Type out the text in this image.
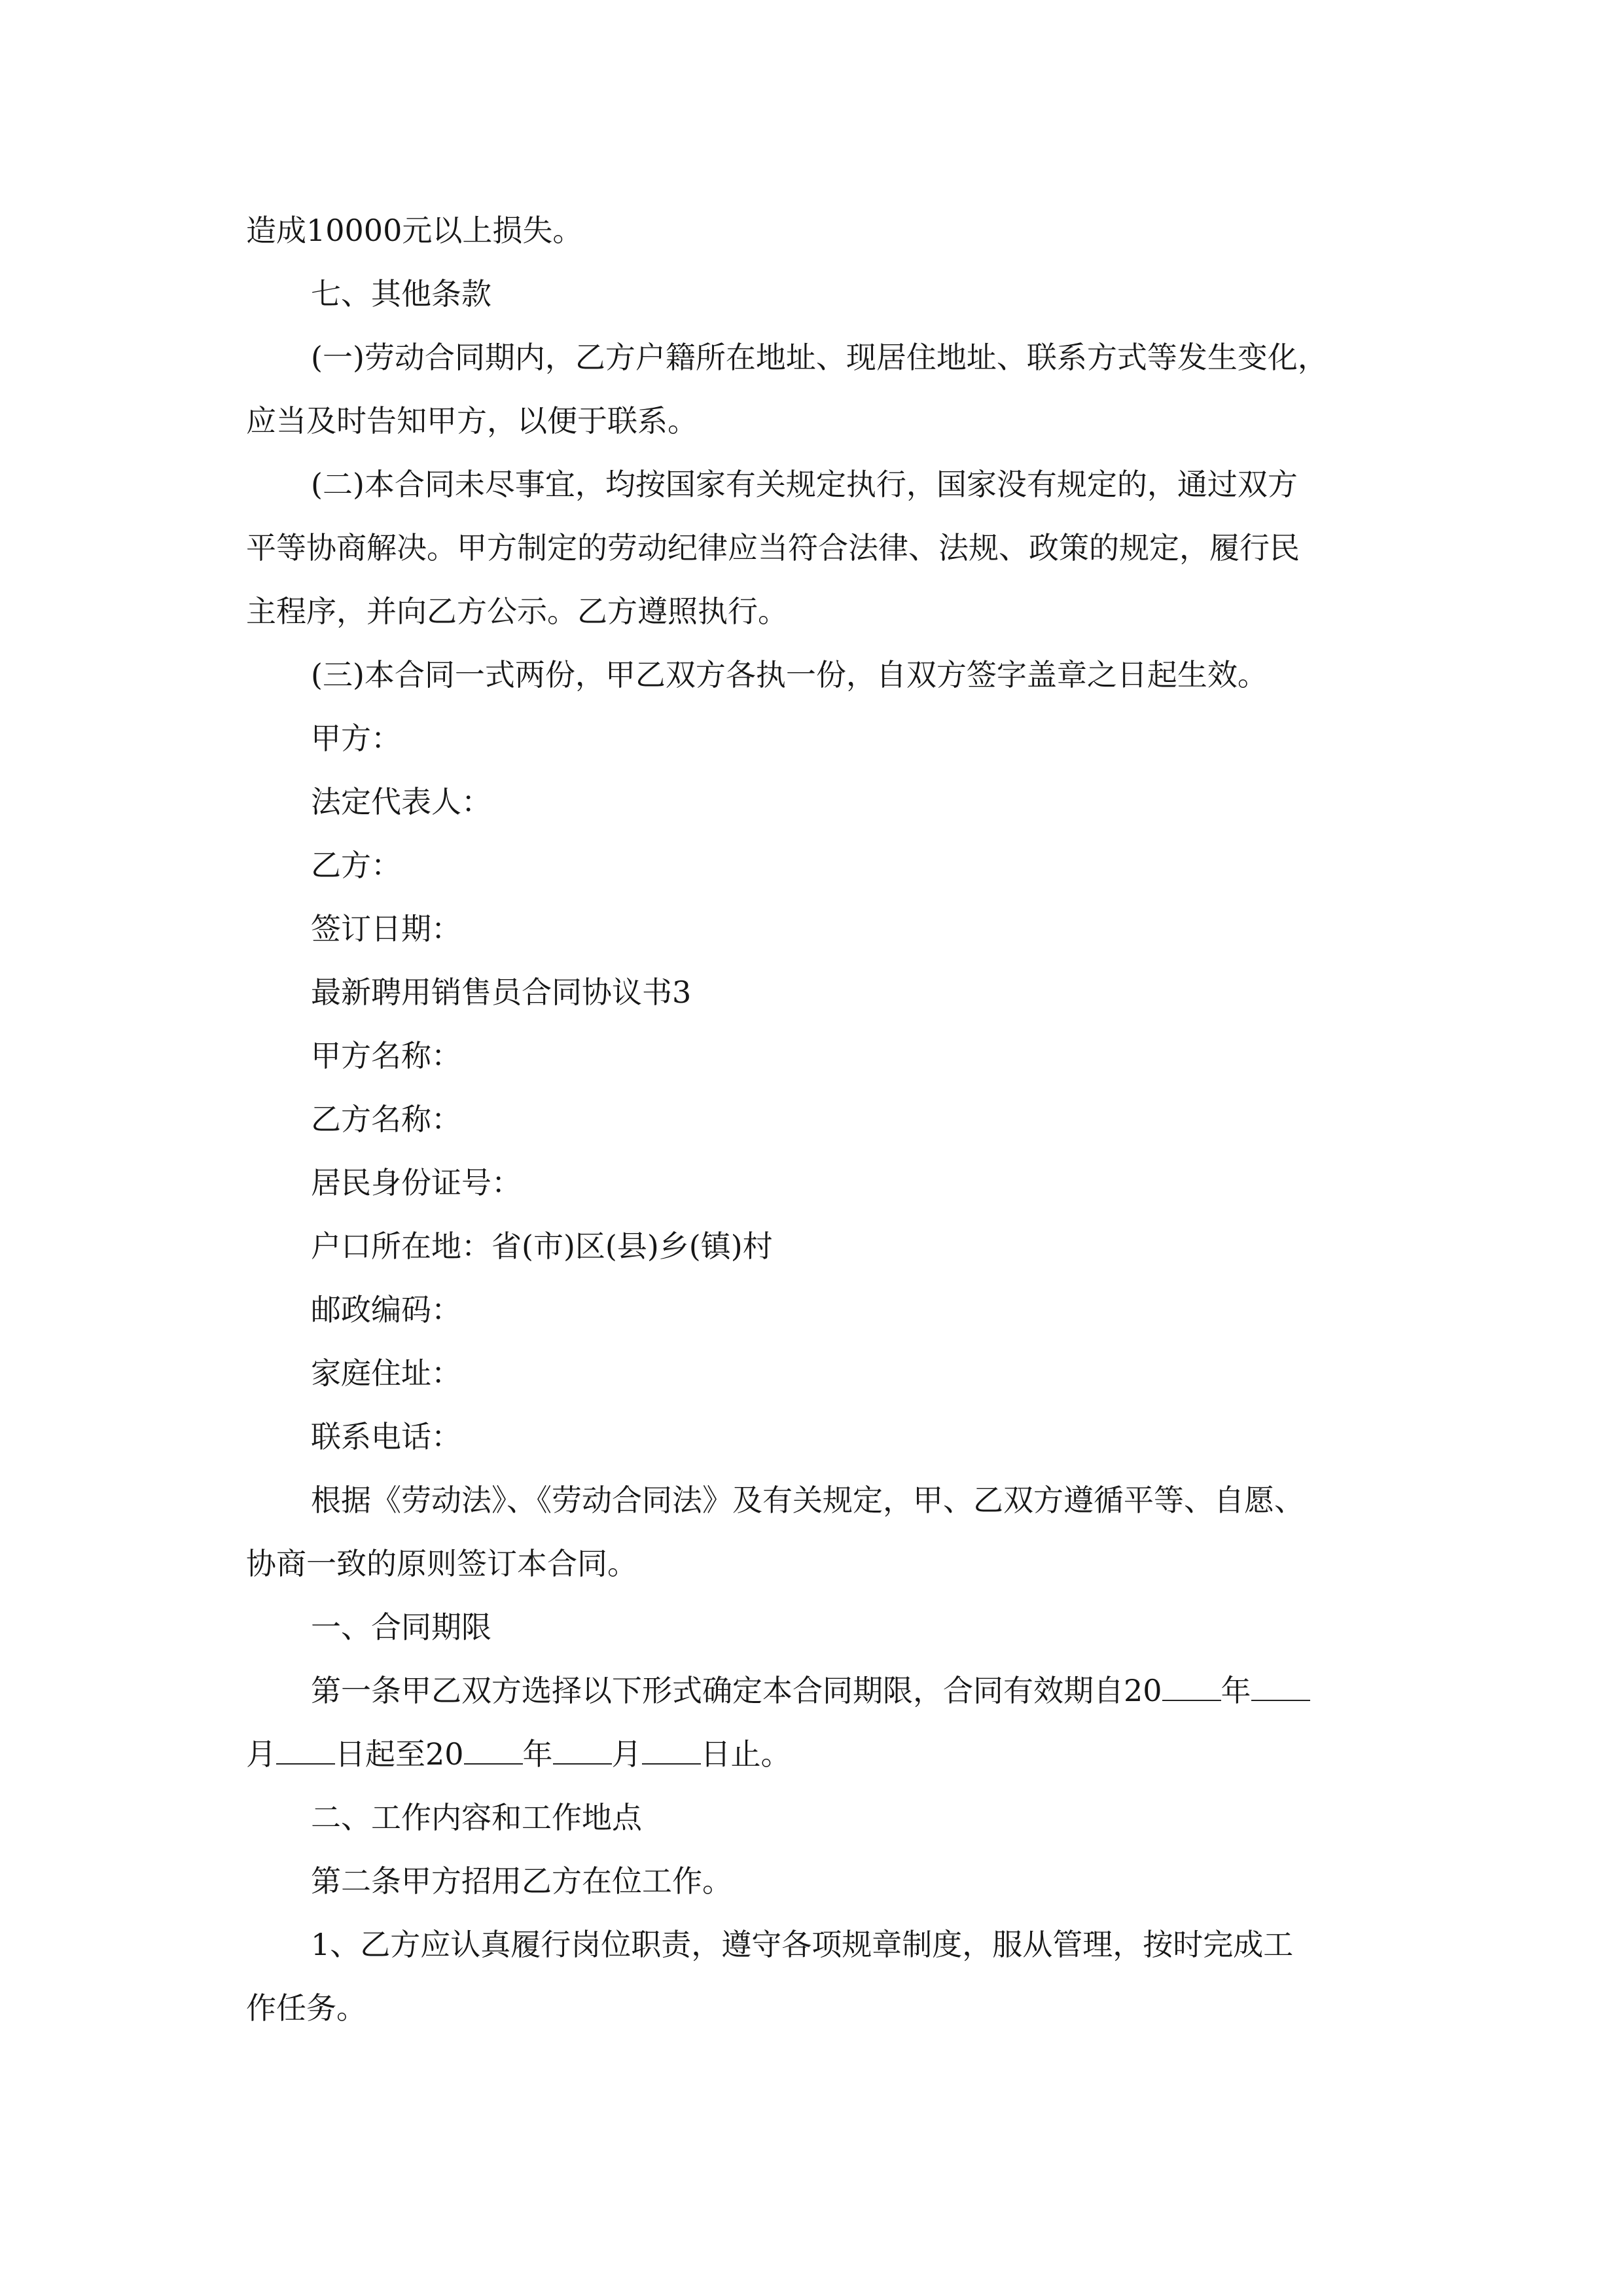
造成10000元以上损失。
七、其他条款
(一)劳动合同期内，乙方户籍所在地址、现居住地址、联系方式等发生变化，
应当及时告知甲方，以便于联系。
(二)本合同未尽事宜，均按国家有关规定执行，国家没有规定的，通过双方
平等协商解决。甲方制定的劳动纪律应当符合法律、法规、政策的规定，履行民
主程序，并向乙方公示。乙方遵照执行。
(三)本合同一式两份，甲乙双方各执一份，自双方签字盖章之日起生效。
甲方：
法定代表人：
乙方：
签订日期：
最新聘用销售员合同协议书3
甲方名称：
乙方名称：
居民身份证号：
户口所在地：省(市)区(县)乡(镇)村
邮政编码：
家庭住址：
联系电话：
根据《劳动法》、《劳动合同法》及有关规定，甲、乙双方遵循平等、自愿、
协商一致的原则签订本合同。
一、合同期限
第一条甲乙双方选择以下形式确定本合同期限，合同有效期自20 年
月 日起至20 年 月 日止。
二、工作内容和工作地点
第二条甲方招用乙方在位工作。
1、乙方应认真履行岗位职责，遵守各项规章制度，服从管理，按时完成工
作任务。
